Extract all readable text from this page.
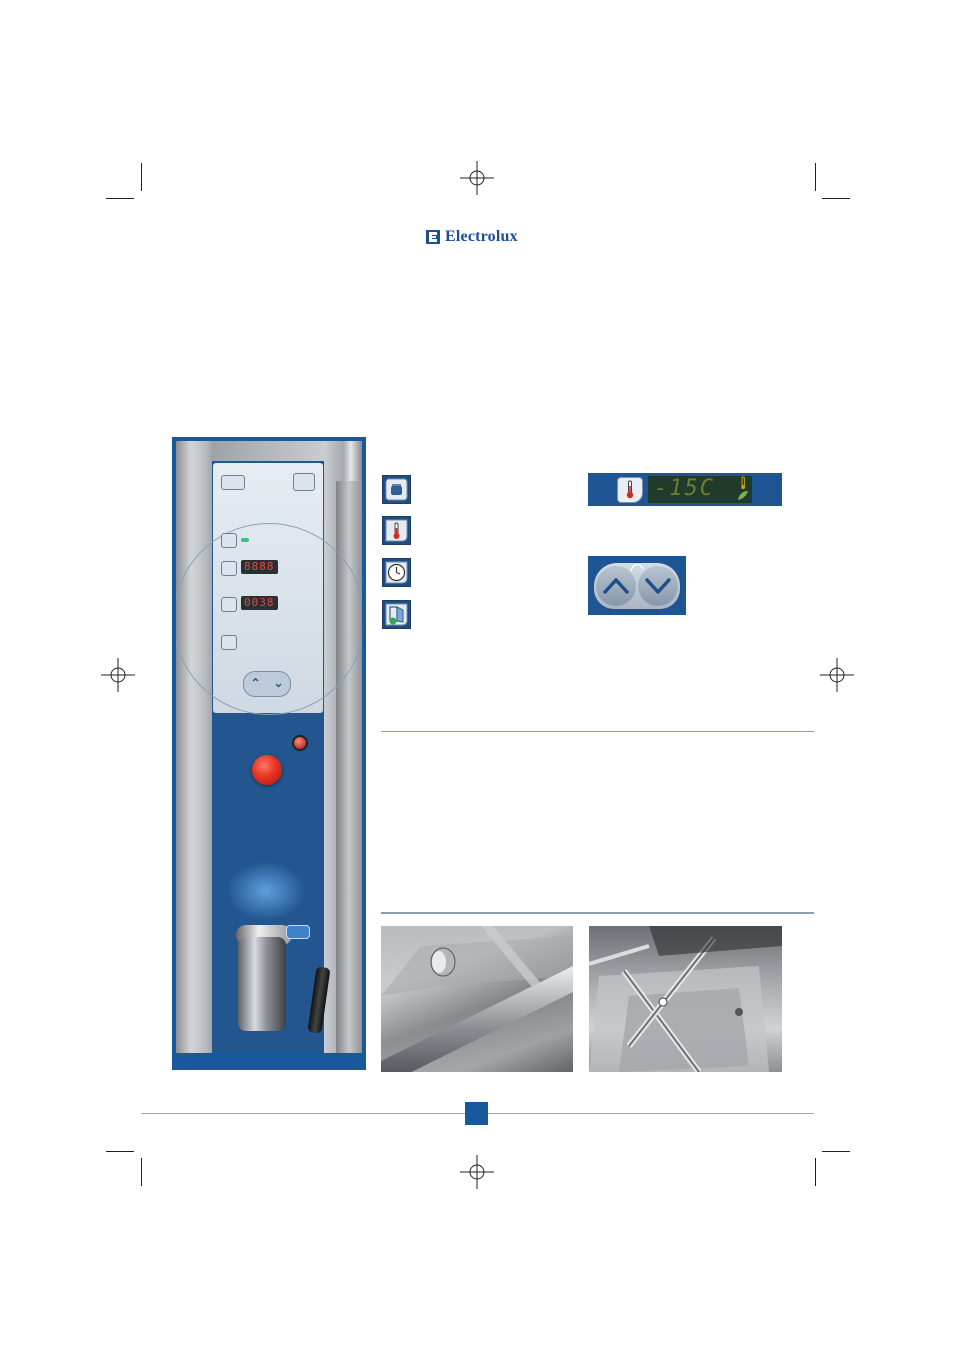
Electrolux
8888
0038
⌃	⌄
-15C
